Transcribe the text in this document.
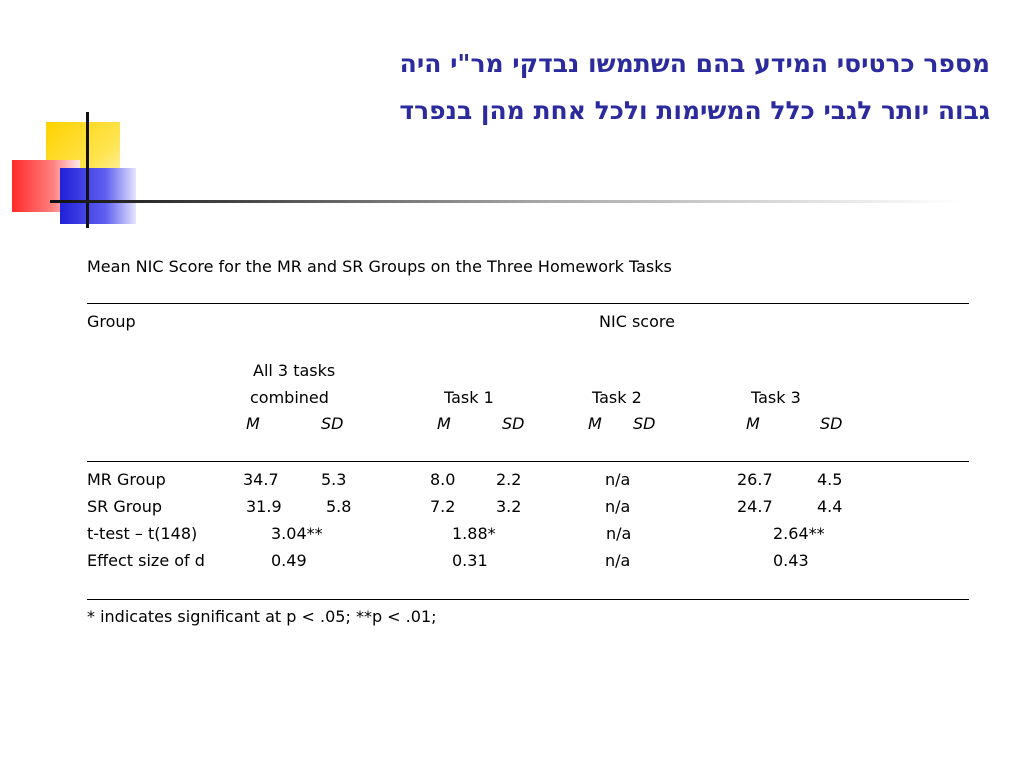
מספר כרטיסי המידע בהם השתמשו נבדקי מר"י היה
גבוה יותר לגבי כלל המשימות ולכל אחת מהן בנפרד
Mean NIC Score for the MR and SR Groups on the Three Homework Tasks
Group	NIC score
All 3 tasks
combined	Task 1	Task 2	Task 3
M	SD	M	SD	M SD	M	SD
MR Group	34.7	5.3	8.0	2.2	n/a	26.7	4.5
SR Group	31.9	5.8	7.2	3.2	n/a	24.7	4.4
t-test – t(148)	3.04**	1.88*	n/a	2.64**
Effect size of d	0.49	0.31	n/a	0.43
* indicates significant at p < .05; **p < .01;
